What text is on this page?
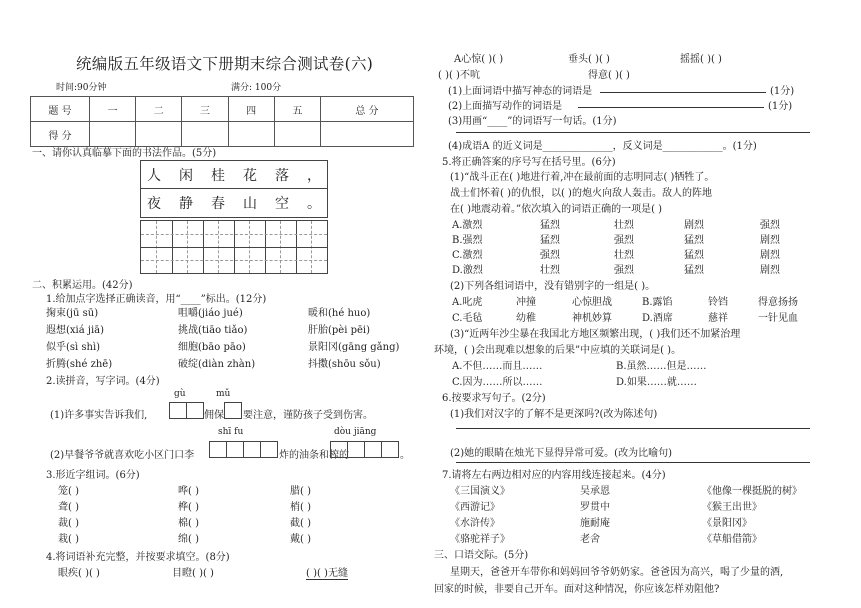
统编版五年级语文下册期末综合测试卷(六)
时间:90分钟	满分: 100分
题 号	一	二	三	四	五	总 分
得 分						
一、请你认真临摹下面的书法作品。(5分)
人 闲 桂 花 落 ，
夜 静 春 山 空 。
二、积累运用。(42分)
1.给加点字选择正确读音，用“____”标出。(12分)
掬束(jū sū)	咀嚼(jiáo jué)	暖和(hé huo)
遐想(xiá jiā)	挑战(tiāo tiǎo)	肝胎(pèi pēi)
似乎(sì shì)	细胞(bāo pāo)	景阳冈(gāng gǎng)
折腾(shé zhē)	破绽(diàn zhàn)	抖擞(shōu sǒu)
2.读拼音，写字词。(4分)
gù	mǔ
(1)许多事实告诉我们,	佣保 要注意，谨防孩子受到伤害。
shī fu	dòu jiāng
(2)早餐爷爷就喜欢吃小区门口李	炸的油条和榨的	。
3.形近字组词。(6分)
笼( )	哗( )	腊( )
聋( )	桦( )	梢( )
裁( )	棉( )	截( )
栽( )	绵( )	戴( )
4.将词语补充完整，并按要求填空。(8分)
眼疾( )( )	目瞪( )( )	( )( )无缝
A心惊( )( )	垂头( )( )	摇摇( )( )
( )( )不吭	得意( )( )
(1)上面词语中描写神态的词语是	(1分)
(2)上面描写动作的词语是	(1分)
(3)用画“____”的词语写一句话。(1分)
(4)成语A 的近义词是______________，反义词是____________。(1分)
5.将正确答案的序号写在括号里。(6分)
(1)“战斗正在( )地进行着,冲在最前面的志明同志( )牺牲了。
战士们怀着( )的仇恨，以( )的炮火向敌人轰击。敌人的阵地
在( )地震动着。”依次填入的词语正确的一项是( )
A.激烈	猛烈	壮烈	剧烈	强烈
B.强烈	猛烈	强烈	猛烈	剧烈
C.激烈	强烈	壮烈	猛烈	剧烈
D.激烈	壮烈	强烈	猛烈	剧烈
(2)下列各组词语中，没有错别字的一组是( )。
A.叱虎	冲撞	心惊胆战	B.露馅	铃铛	得意扬扬
C.毛毡	幼稚	神机妙算	D.酒席	慈祥	一针见血
(3)“近两年沙尘暴在我国北方地区频繁出现，( )我们还不加紧治理
环境，( )会出现难以想象的后果”中应填的关联词是( )。
A.不但……而且……	B.虽然……但是……
C.因为……所以……	D.如果……就……
6.按要求写句子。(2分)
(1)我们对汉字的了解不是更深吗?(改为陈述句)
(2)她的眼睛在烛光下显得异常可爱。(改为比喻句)
7.请将左右两边相对应的内容用线连接起来。(4分)
《三国演义》	吴承恩	《他像一棵挺脱的树》
《西游记》	罗贯中	《猴王出世》
《水浒传》	施耐庵	《景阳冈》
《骆驼祥子》	老舍	《草船借箭》
三、口语交际。(5分)
星期天，爸爸开车带你和妈妈回爷爷奶奶家。爸爸因为高兴，喝了少量的酒,
回家的时候，非要自己开车。面对这种情况，你应该怎样劝阻他?
